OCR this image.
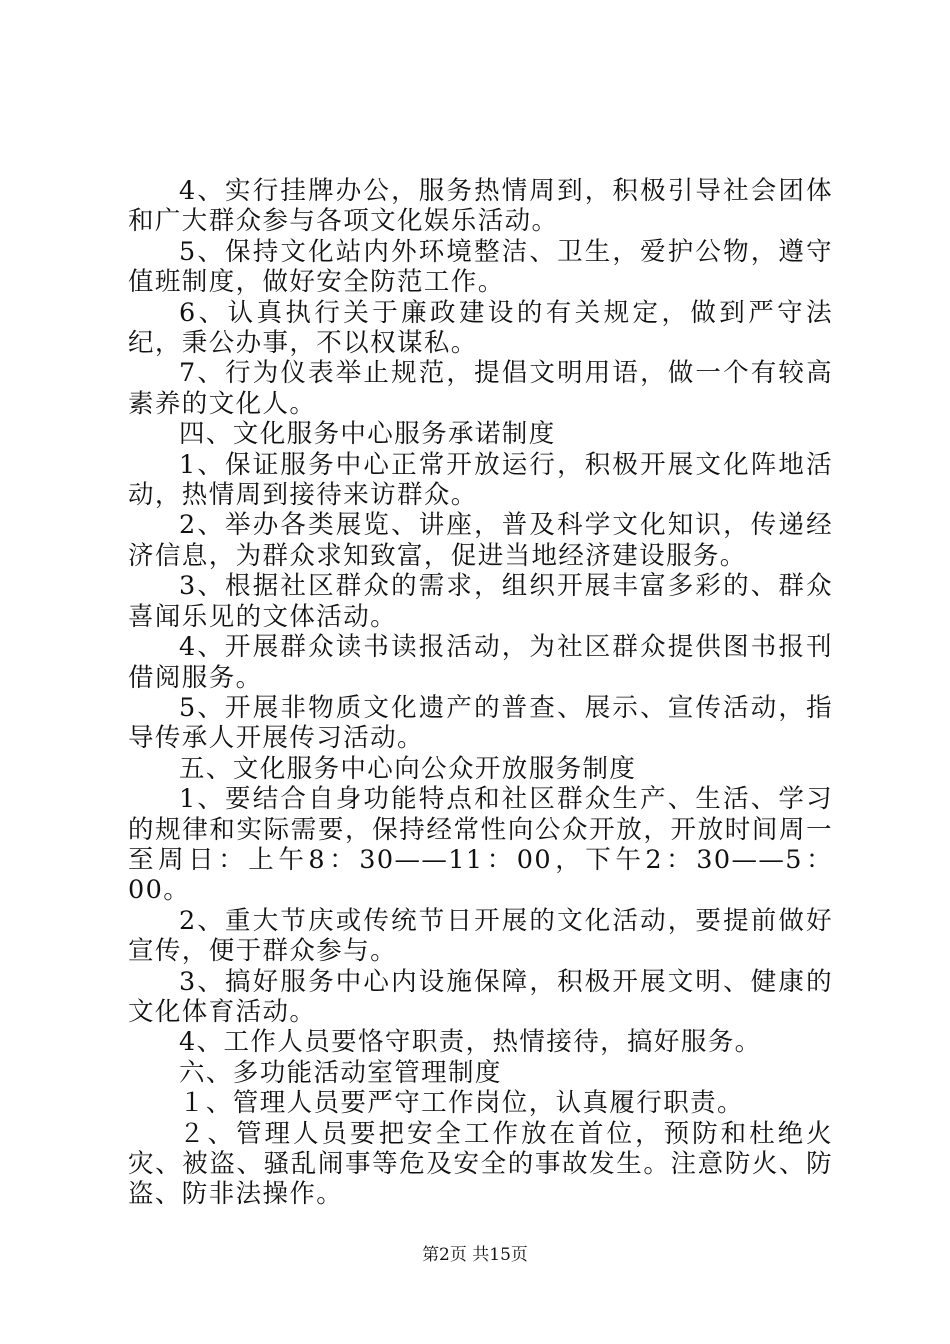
4、实行挂牌办公，服务热情周到，积极引导社会团体和广大群众参与各项文化娱乐活动。

5、保持文化站内外环境整洁、卫生，爱护公物，遵守值班制度，做好安全防范工作。

6、认真执行关于廉政建设的有关规定，做到严守法纪，秉公办事，不以权谋私。

7、行为仪表举止规范，提倡文明用语，做一个有较高素养的文化人。

四、文化服务中心服务承诺制度

1、保证服务中心正常开放运行，积极开展文化阵地活动，热情周到接待来访群众。

2、举办各类展览、讲座，普及科学文化知识，传递经济信息，为群众求知致富，促进当地经济建设服务。

3、根据社区群众的需求，组织开展丰富多彩的、群众喜闻乐见的文体活动。

4、开展群众读书读报活动，为社区群众提供图书报刊借阅服务。

5、开展非物质文化遗产的普查、展示、宣传活动，指导传承人开展传习活动。

五、文化服务中心向公众开放服务制度

1、要结合自身功能特点和社区群众生产、生活、学习的规律和实际需要，保持经常性向公众开放，开放时间周一至周日：上午8：30——11：00，下午2：30——5：00。

2、重大节庆或传统节日开展的文化活动，要提前做好宣传，便于群众参与。

3、搞好服务中心内设施保障，积极开展文明、健康的文化体育活动。

4、工作人员要恪守职责，热情接待，搞好服务。

六、多功能活动室管理制度

１、管理人员要严守工作岗位，认真履行职责。

２、管理人员要把安全工作放在首位，预防和杜绝火灾、被盗、骚乱闹事等危及安全的事故发生。注意防火、防盗、防非法操作。

第2页 共15页
